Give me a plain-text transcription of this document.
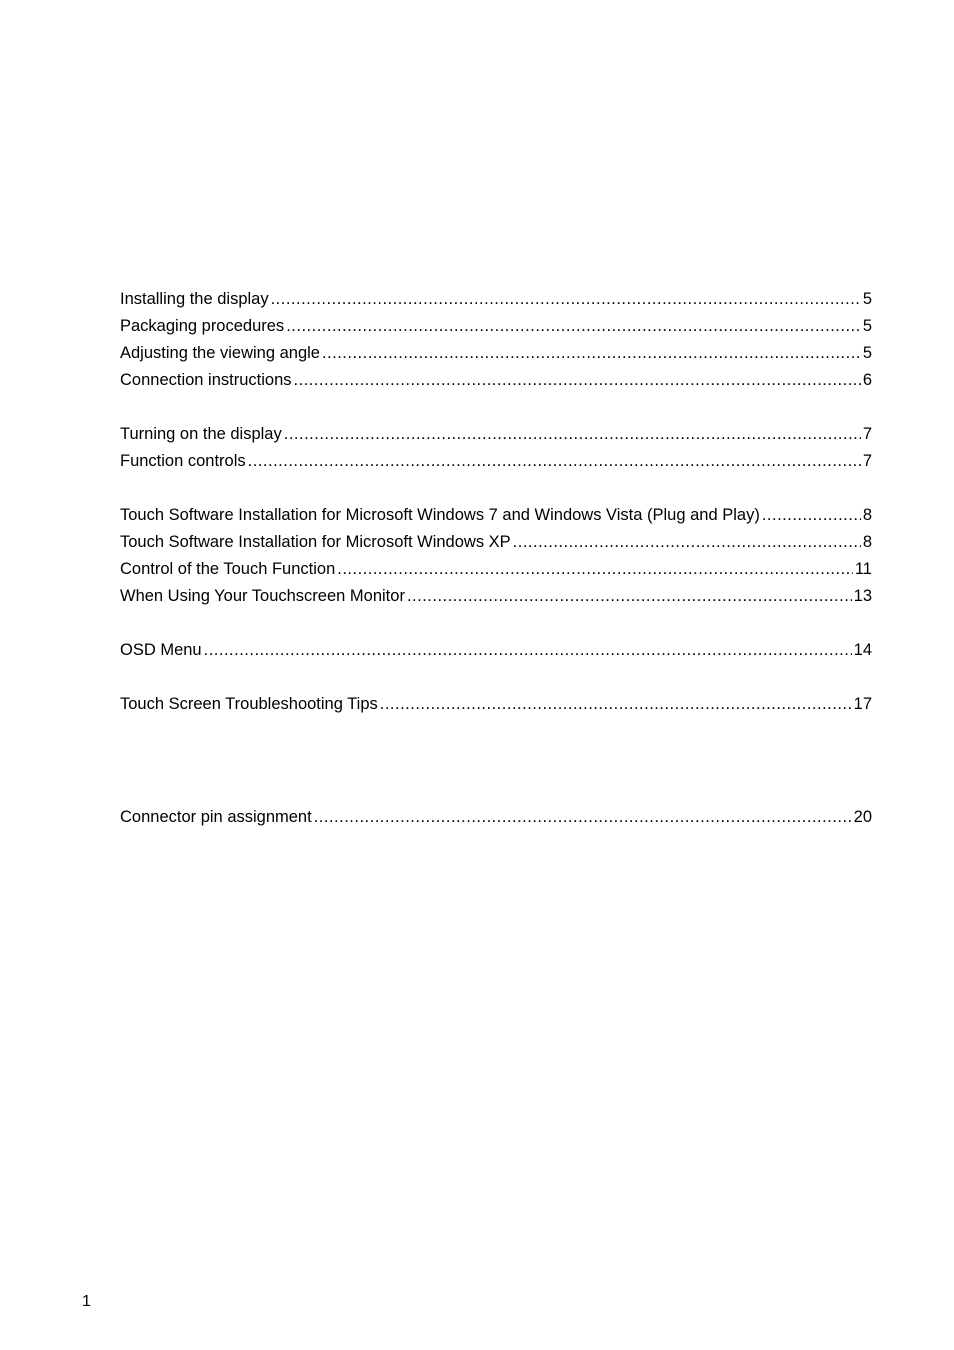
Installing the display .....	5
Packaging procedures .....	5
Adjusting the viewing angle .....	5
Connection instructions .....	6
Turning on the display .....	7
Function controls .....	7
Touch Software Installation for Microsoft Windows 7 and Windows Vista (Plug and Play) .....	8
Touch Software Installation for Microsoft Windows XP .....	8
Control of the Touch Function .....	11
When Using Your Touchscreen Monitor .....	13
OSD Menu .....	14
Touch Screen Troubleshooting Tips .....	17
Connector pin assignment .....	20
1
